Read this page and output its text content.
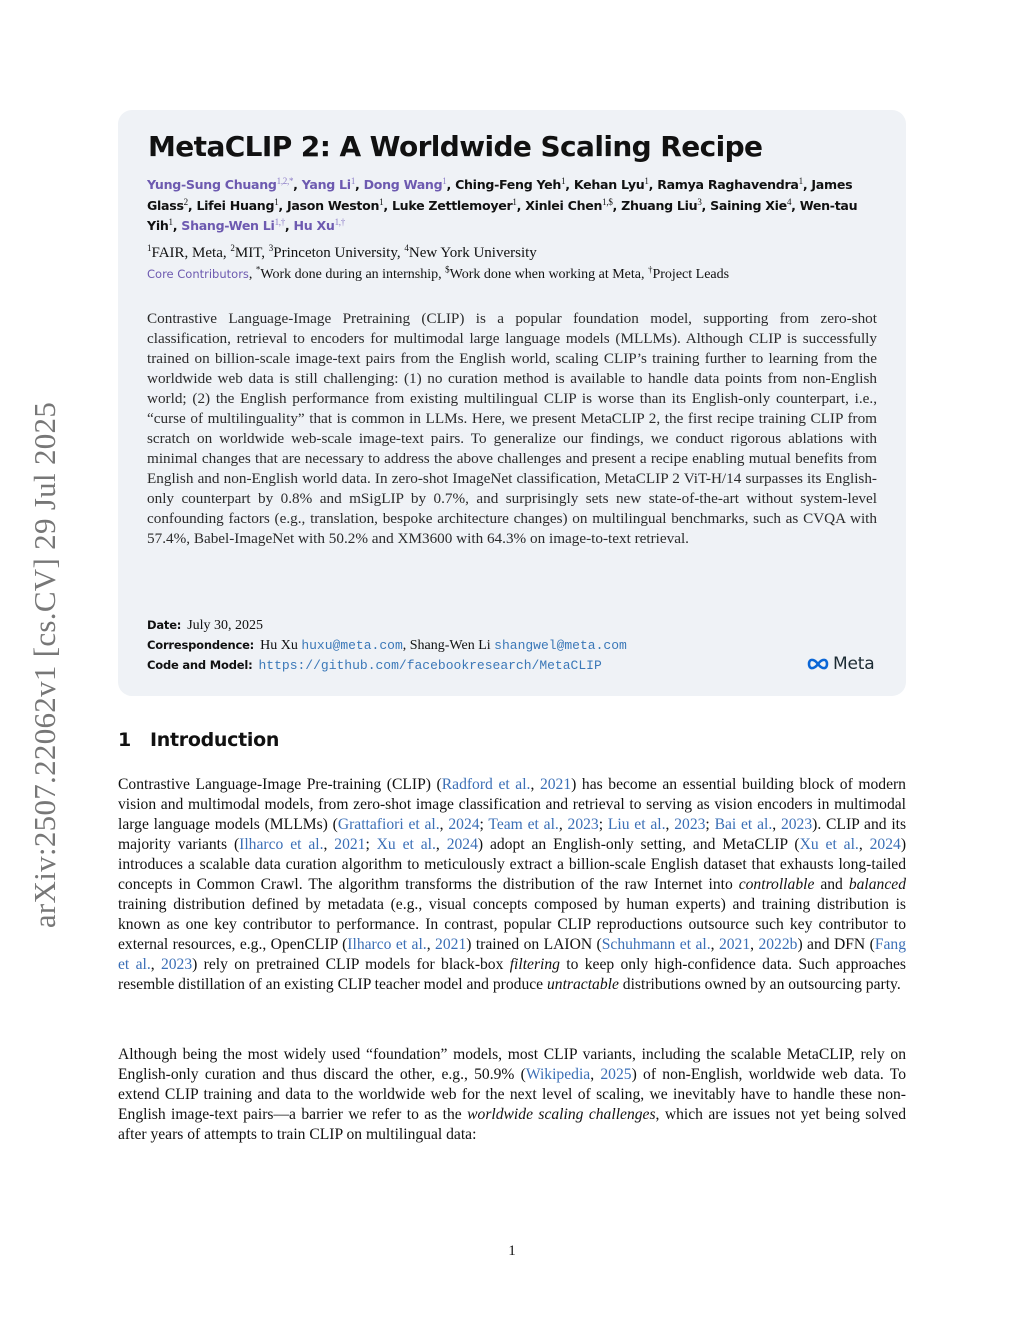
arXiv:2507.22062v1 [cs.CV] 29 Jul 2025
MetaCLIP 2: A Worldwide Scaling Recipe
Yung-Sung Chuang$^{1,2,*}$, Yang Li$^1$, Dong Wang$^1$, Ching-Feng Yeh$^1$, Kehan Lyu$^1$, Ramya Raghavendra$^1$, James Glass$^2$, Lifei Huang$^1$, Jason Weston$^1$, Luke Zettlemoyer$^1$, Xinlei Chen$^{1,\$}$, Zhuang Liu$^3$, Saining Xie$^4$, Wen-tau Yih$^1$, Shang-Wen $Li^{1,\dagger}$, Hu $Xu^{1,\dagger}$
$^1$FAIR, Meta, $^2$MIT, $^3$Princeton University, $^4$New York University
Core Contributors, *Work done during an internship, $Work done when working at Meta, †Project Leads

Contrastive Language-Image Pretraining (CLIP) is a popular foundation model, supporting from zero-shot classification, retrieval to encoders for multimodal large language models (MLLMs). Although CLIP is successfully trained on billion-scale image-text pairs from the English world, scaling CLIP’s training further to learning from the worldwide web data is still challenging: (1) no curation method is available to handle data points from non-English world; (2) the English performance from existing multilingual CLIP is worse than its English-only counterpart, i.e., “curse of multilinguality” that is common in LLMs. Here, we present MetaCLIP 2, the first recipe training CLIP from scratch on worldwide web-scale image-text pairs. To generalize our findings, we conduct rigorous ablations with minimal changes that are necessary to address the above challenges and present a recipe enabling mutual benefits from English and non-English world data. In zero-shot ImageNet classification, MetaCLIP 2 ViT-H/14 surpasses its English-only counterpart by 0.8% and mSigLIP by 0.7%, and surprisingly sets new state-of-the-art without system-level confounding factors (e.g., translation, bespoke architecture changes) on multilingual benchmarks, such as CVQA with 57.4%, Babel-ImageNet with 50.2% and XM3600 with 64.3% on image-to-text retrieval.

Date: July 30, 2025
Correspondence: Hu Xu huxu@meta.com, Shang-Wen Li shangwel@meta.com
Code and Model: https://github.com/facebookresearch/MetaCLIP	Meta
1 Introduction

Contrastive Language-Image Pre-training (CLIP) (Radford et al., 2021) has become an essential building block of modern vision and multimodal models, from zero-shot image classification and retrieval to serving as vision encoders in multimodal large language models (MLLMs) (Grattafiori et al., 2024; Team et al., 2023; Liu et al., 2023; Bai et al., 2023). CLIP and its majority variants (Ilharco et al., 2021; Xu et al., 2024) adopt an English-only setting, and MetaCLIP (Xu et al., 2024) introduces a scalable data curation algorithm to meticulously extract a billion-scale English dataset that exhausts long-tailed concepts in Common Crawl. The algorithm transforms the distribution of the raw Internet into controllable and balanced training distribution defined by metadata (e.g., visual concepts composed by human experts) and training distribution is known as one key contributor to performance. In contrast, popular CLIP reproductions outsource such key contributor to external resources, e.g., OpenCLIP (Ilharco et al., 2021) trained on LAION (Schuhmann et al., 2021, 2022b) and DFN (Fang et al., 2023) rely on pretrained CLIP models for black-box filtering to keep only high-confidence data. Such approaches resemble distillation of an existing CLIP teacher model and produce untractable distributions owned by an outsourcing party.

Although being the most widely used “foundation” models, most CLIP variants, including the scalable MetaCLIP, rely on English-only curation and thus discard the other, e.g., 50.9% (Wikipedia, 2025) of non-English, worldwide web data. To extend CLIP training and data to the worldwide web for the next level of scaling, we inevitably have to handle these non-English image-text pairs—a barrier we refer to as the worldwide scaling challenges, which are issues not yet being solved after years of attempts to train CLIP on multilingual data:

1
